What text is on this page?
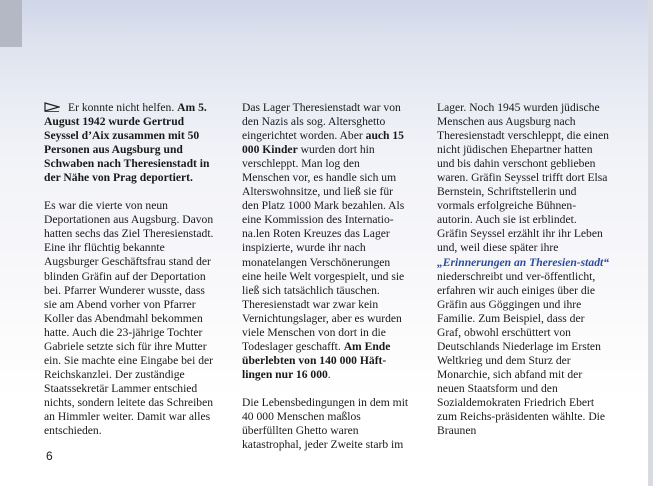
Er konnte nicht helfen. Am 5. August 1942 wurde Gertrud Seyssel d’Aix zusammen mit 50 Personen aus Augsburg und Schwaben nach Theresienstadt in der Nähe von Prag deportiert.

Es war die vierte von neun Deportationen aus Augsburg. Davon hatten sechs das Ziel Theresienstadt. Eine ihr flüchtig bekannte Augsburger Geschäftsfrau stand der blinden Gräfin auf der Deportation bei. Pfarrer Wunderer wusste, dass sie am Abend vorher von Pfarrer Koller das Abendmahl bekommen hatte. Auch die 23-jährige Tochter Gabriele setzte sich für ihre Mutter ein. Sie machte eine Eingabe bei der Reichskanzlei. Der zuständige Staatssekretär Lammer entschied nichts, sondern leitete das Schreiben an Himmler weiter. Damit war alles entschieden.

Das Lager Theresienstadt war von den Nazis als sog. Altersghetto eingerichtet worden. Aber auch 15 000 Kinder wurden dort hin verschleppt. Man log den Menschen vor, es handle sich um Alterswohnsitze, und ließ sie für den Platz 1000 Mark bezahlen. Als eine Kommission des Internatio-na.len Roten Kreuzes das Lager inspizierte, wurde ihr nach monatelangen Verschönerungen eine heile Welt vorgespielt, und sie ließ sich tatsächlich täuschen. Theresienstadt war zwar kein Vernichtungslager, aber es wurden viele Menschen von dort in die Todeslager geschafft. Am Ende überlebten von 140 000 Häft-lingen nur 16 000.

Die Lebensbedingungen in dem mit 40 000 Menschen maßlos überfüllten Ghetto waren katastrophal, jeder Zweite starb im

Lager. Noch 1945 wurden jüdische Menschen aus Augsburg nach Theresienstadt verschleppt, die einen nicht jüdischen Ehepartner hatten und bis dahin verschont geblieben waren. Gräfin Seyssel trifft dort Elsa Bernstein, Schriftstellerin und vormals erfolgreiche Bühnen-autorin. Auch sie ist erblindet. Gräfin Seyssel erzählt ihr ihr Leben und, weil diese später ihre „Erinnerungen an Theresien-stadt“ niederschreibt und ver-öffentlicht, erfahren wir auch einiges über die Gräfin aus Göggingen und ihre Familie. Zum Beispiel, dass der Graf, obwohl erschüttert von Deutschlands Niederlage im Ersten Weltkrieg und dem Sturz der Monarchie, sich abfand mit der neuen Staatsform und den Sozialdemokraten Friedrich Ebert zum Reichs-präsidenten wählte. Die Braunen

6
